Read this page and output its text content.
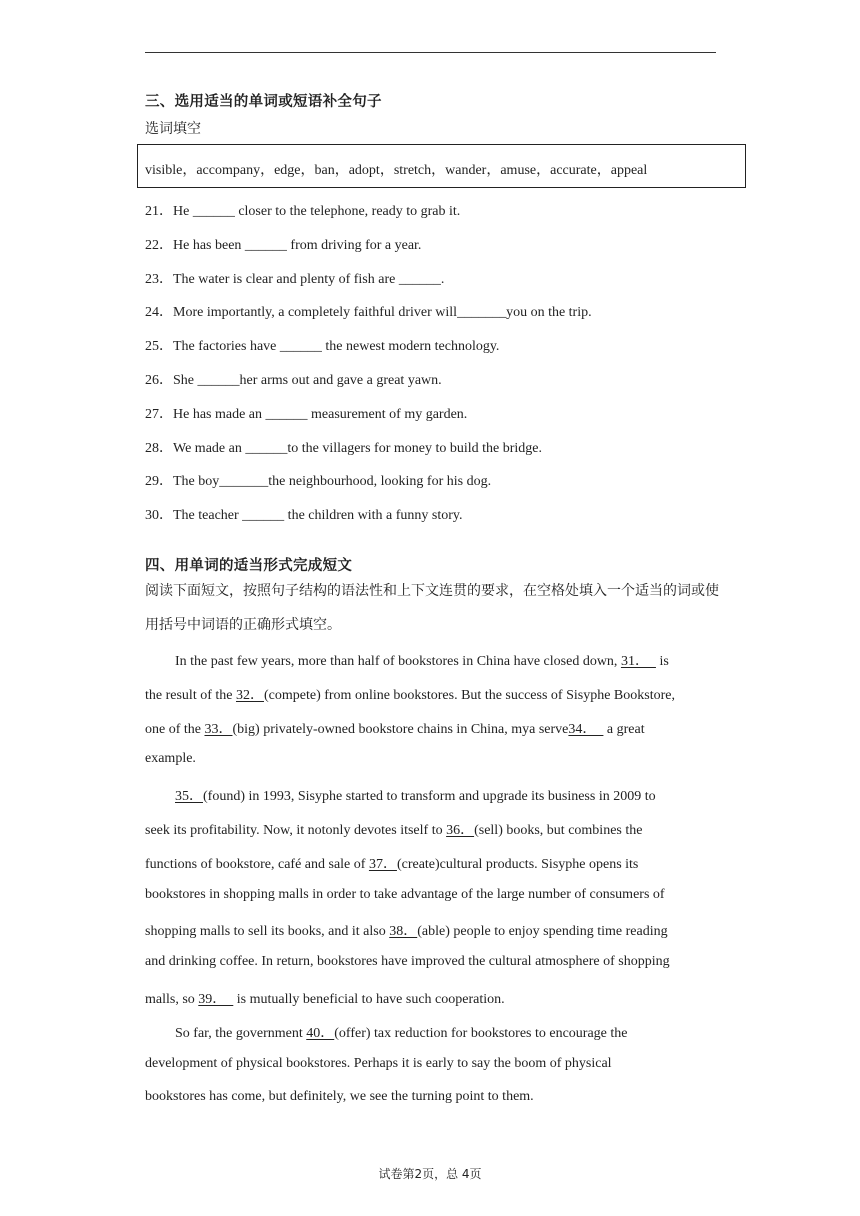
三、选用适当的单词或短语补全句子
选词填空
visible，accompany，edge，ban，adopt，stretch，wander，amuse，accurate，appeal
21．He ______ closer to the telephone, ready to grab it.
22．He has been ______ from driving for a year.
23．The water is clear and plenty of fish are ______.
24．More importantly, a completely faithful driver will_______you on the trip.
25．The factories have ______ the newest modern technology.
26．She ______her arms out and gave a great yawn.
27．He has made an ______ measurement of my garden.
28．We made an ______to the villagers for money to build the bridge.
29．The boy_______the neighbourhood, looking for his dog.
30．The teacher ______ the children with a funny story.
四、用单词的适当形式完成短文
阅读下面短文，按照句子结构的语法性和上下文连贯的要求，在空格处填入一个适当的词或使用括号中词语的正确形式填空。
In the past few years, more than half of bookstores in China have closed down, 31．   is
the result of the 32．(compete) from online bookstores. But the success of Sisyphe Bookstore,
one of the 33．(big) privately-owned bookstore chains in China, mya serve34．   a great
example.
35．(found) in 1993, Sisyphe started to transform and upgrade its business in 2009 to
seek its profitability. Now, it notonly devotes itself to 36．(sell) books, but combines the
functions of bookstore, café and sale of 37．(create)cultural products. Sisyphe opens its
bookstores in shopping malls in order to take advantage of the large number of consumers of
shopping malls to sell its books, and it also 38．(able) people to enjoy spending time reading
and drinking coffee. In return, bookstores have improved the cultural atmosphere of shopping
malls, so 39．   is mutually beneficial to have such cooperation.
So far, the government 40．(offer) tax reduction for bookstores to encourage the
development of physical bookstores. Perhaps it is early to say the boom of physical
bookstores has come, but definitely, we see the turning point to them.
试卷第2页，总 4页
